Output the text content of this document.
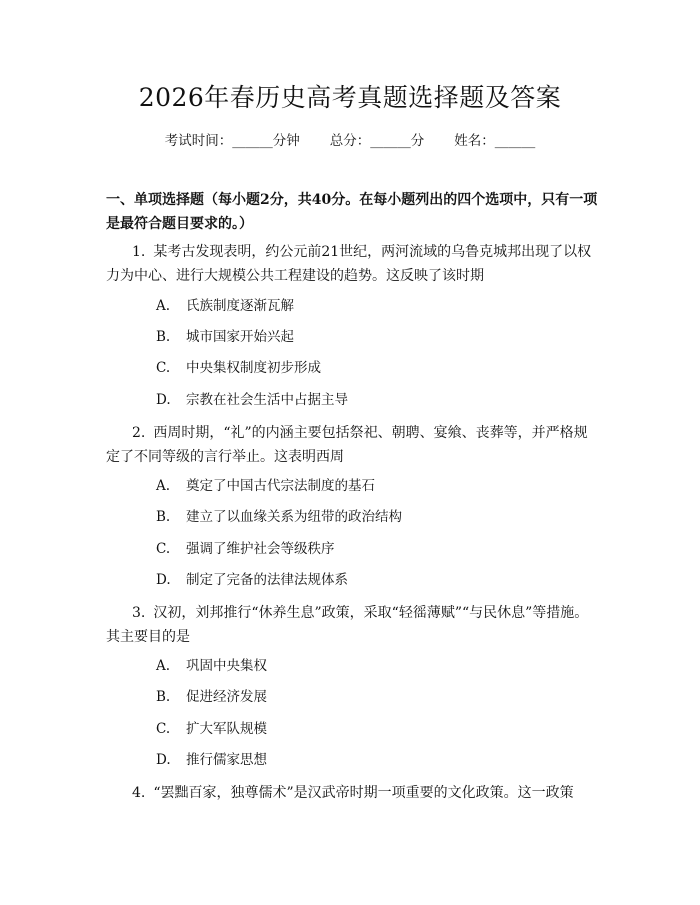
2026年春历史高考真题选择题及答案
考试时间：______分钟 总分：______分 姓名：______
一、单项选择题（每小题2分，共40分。在每小题列出的四个选项中，只有一项是最符合题目要求的。）
1. 某考古发现表明，约公元前21世纪，两河流域的乌鲁克城邦出现了以权力为中心、进行大规模公共工程建设的趋势。这反映了该时期
A. 氏族制度逐渐瓦解
B. 城市国家开始兴起
C. 中央集权制度初步形成
D. 宗教在社会生活中占据主导
2. 西周时期，“礼”的内涵主要包括祭祀、朝聘、宴飨、丧葬等，并严格规定了不同等级的言行举止。这表明西周
A. 奠定了中国古代宗法制度的基石
B. 建立了以血缘关系为纽带的政治结构
C. 强调了维护社会等级秩序
D. 制定了完备的法律法规体系
3. 汉初，刘邦推行“休养生息”政策，采取“轻徭薄赋”“与民休息”等措施。其主要目的是
A. 巩固中央集权
B. 促进经济发展
C. 扩大军队规模
D. 推行儒家思想
4. “罢黜百家，独尊儒术”是汉武帝时期一项重要的文化政策。这一政策
